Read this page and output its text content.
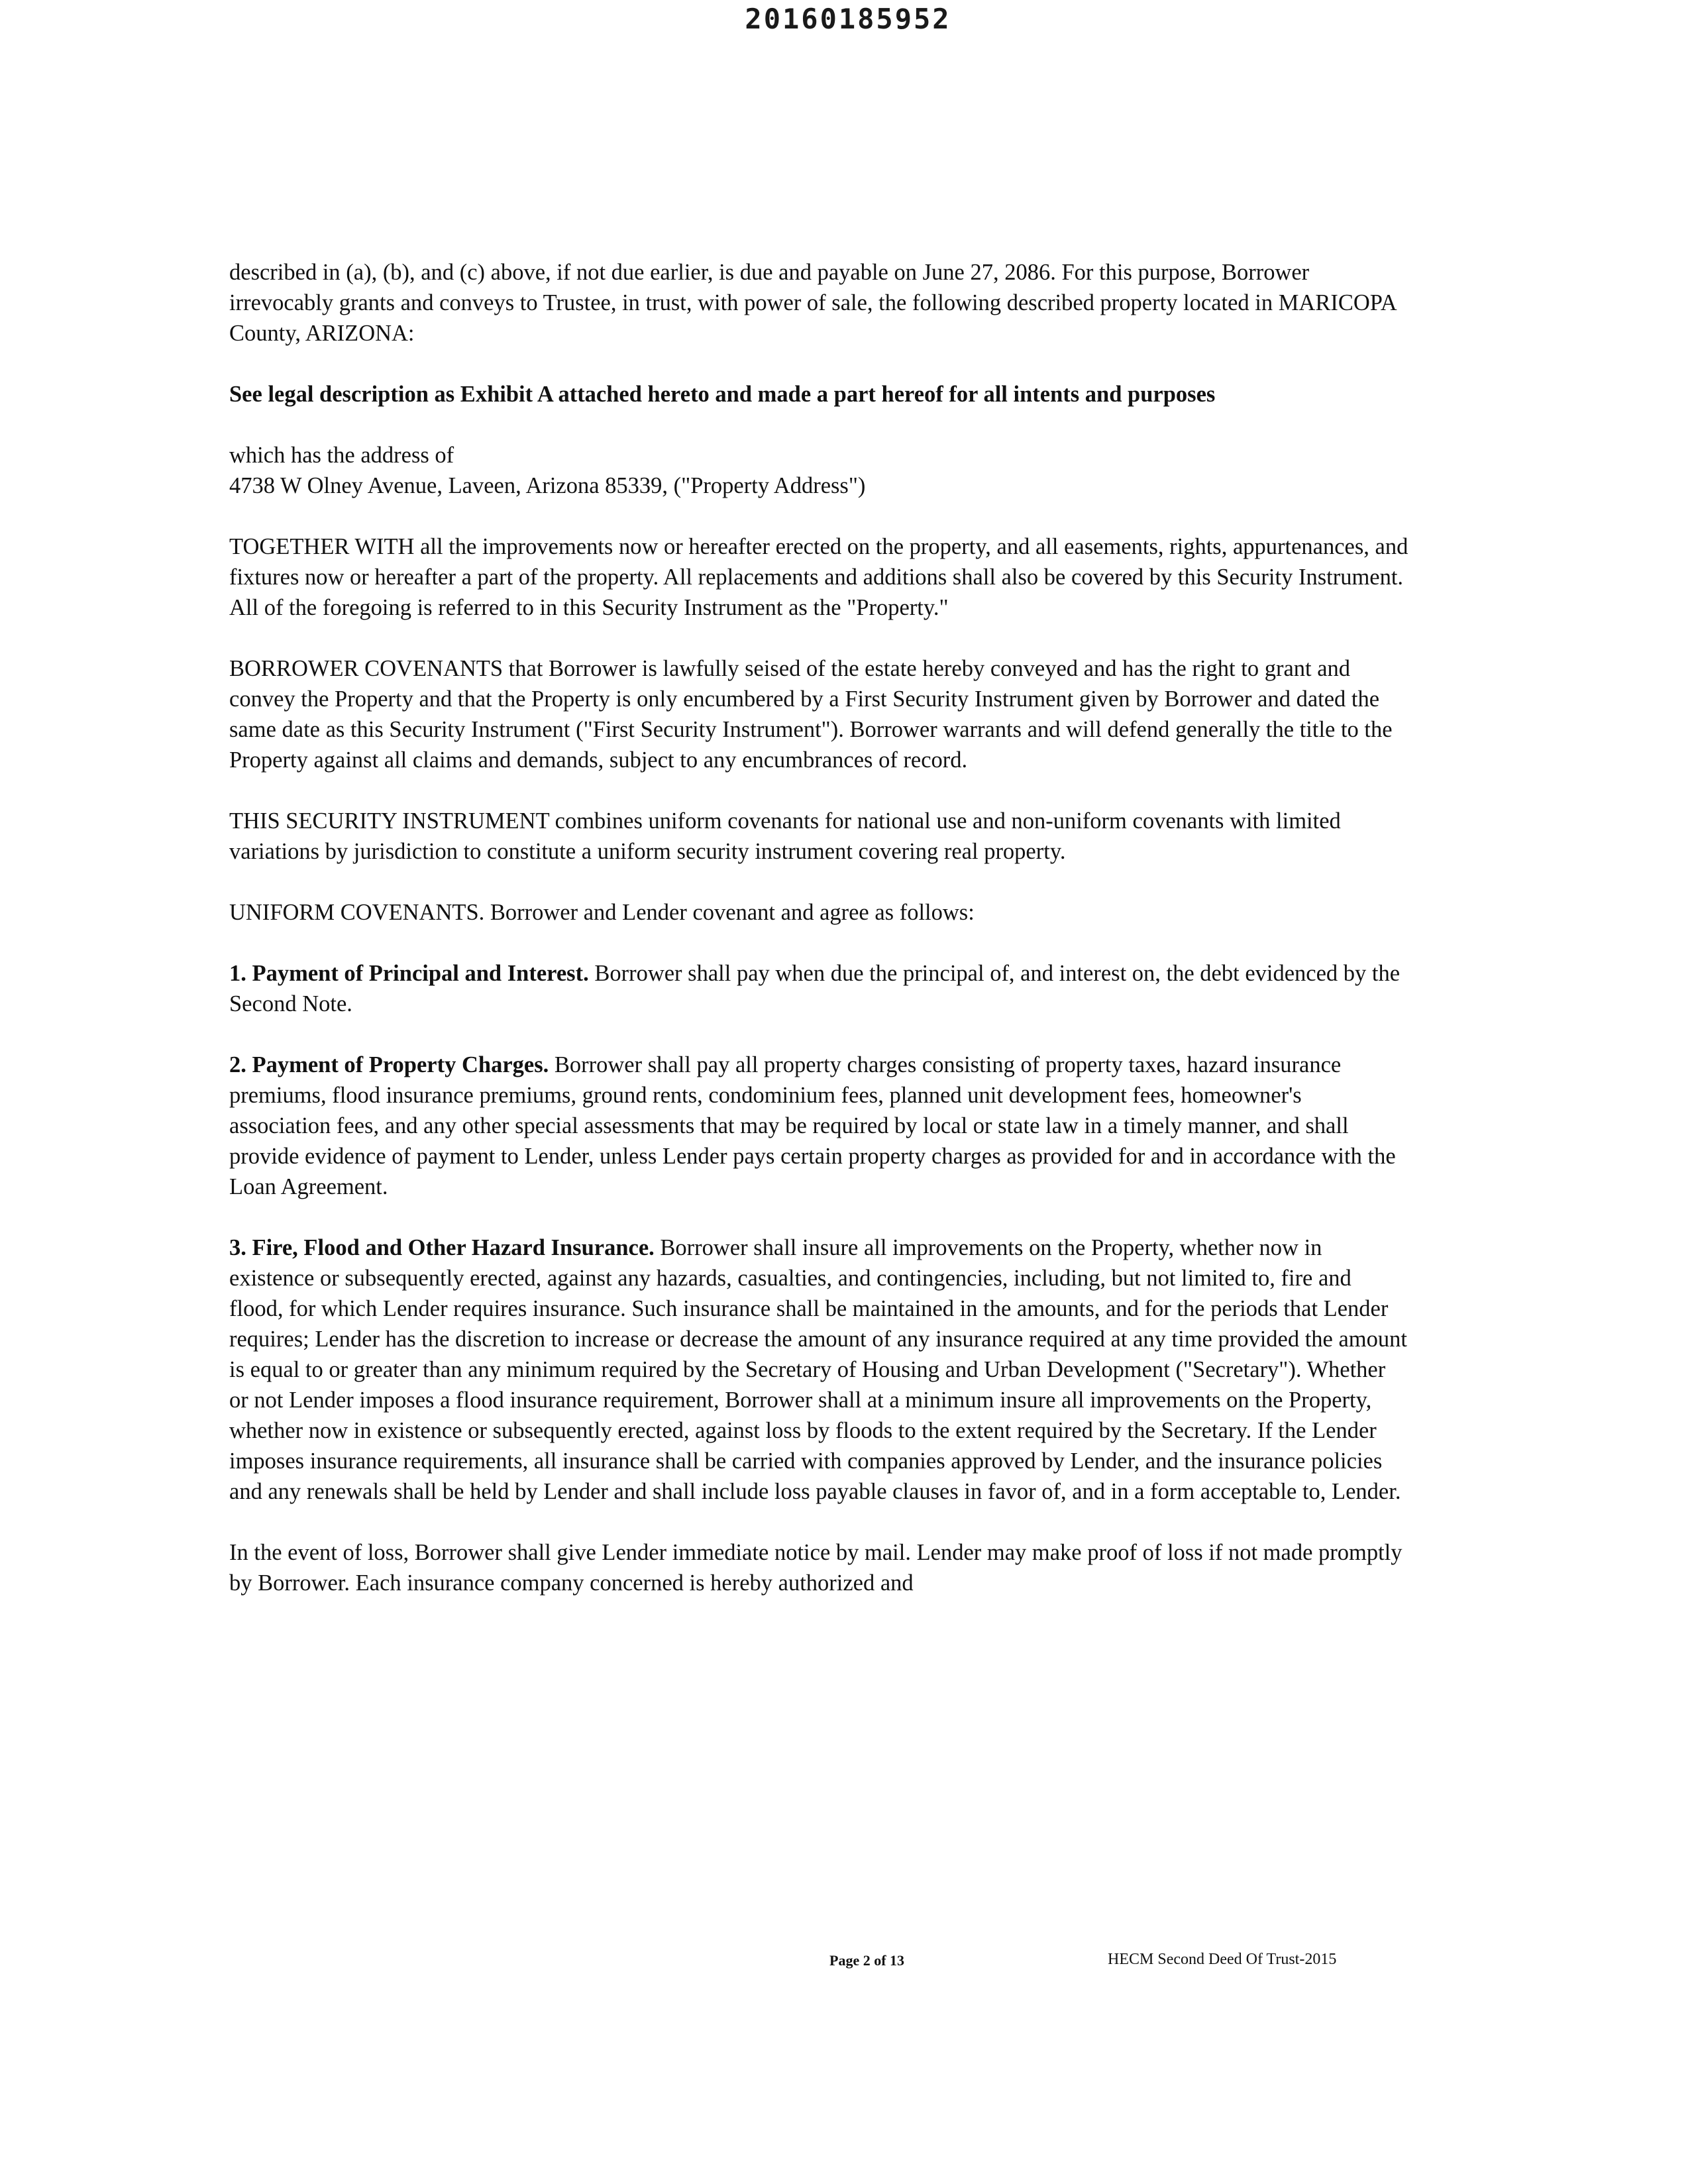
20160185952

described in (a), (b), and (c) above, if not due earlier, is due and payable on June 27, 2086. For this purpose, Borrower irrevocably grants and conveys to Trustee, in trust, with power of sale, the following described property located in MARICOPA County, ARIZONA:

See legal description as Exhibit A attached hereto and made a part hereof for all intents and purposes

which has the address of
4738 W Olney Avenue, Laveen, Arizona 85339, ("Property Address")

TOGETHER WITH all the improvements now or hereafter erected on the property, and all easements, rights, appurtenances, and fixtures now or hereafter a part of the property. All replacements and additions shall also be covered by this Security Instrument. All of the foregoing is referred to in this Security Instrument as the "Property."

BORROWER COVENANTS that Borrower is lawfully seised of the estate hereby conveyed and has the right to grant and convey the Property and that the Property is only encumbered by a First Security Instrument given by Borrower and dated the same date as this Security Instrument ("First Security Instrument"). Borrower warrants and will defend generally the title to the Property against all claims and demands, subject to any encumbrances of record.

THIS SECURITY INSTRUMENT combines uniform covenants for national use and non-uniform covenants with limited variations by jurisdiction to constitute a uniform security instrument covering real property.

UNIFORM COVENANTS. Borrower and Lender covenant and agree as follows:

1. Payment of Principal and Interest. Borrower shall pay when due the principal of, and interest on, the debt evidenced by the Second Note.

2. Payment of Property Charges. Borrower shall pay all property charges consisting of property taxes, hazard insurance premiums, flood insurance premiums, ground rents, condominium fees, planned unit development fees, homeowner's association fees, and any other special assessments that may be required by local or state law in a timely manner, and shall provide evidence of payment to Lender, unless Lender pays certain property charges as provided for and in accordance with the Loan Agreement.

3. Fire, Flood and Other Hazard Insurance. Borrower shall insure all improvements on the Property, whether now in existence or subsequently erected, against any hazards, casualties, and contingencies, including, but not limited to, fire and flood, for which Lender requires insurance. Such insurance shall be maintained in the amounts, and for the periods that Lender requires; Lender has the discretion to increase or decrease the amount of any insurance required at any time provided the amount is equal to or greater than any minimum required by the Secretary of Housing and Urban Development ("Secretary"). Whether or not Lender imposes a flood insurance requirement, Borrower shall at a minimum insure all improvements on the Property, whether now in existence or subsequently erected, against loss by floods to the extent required by the Secretary. If the Lender imposes insurance requirements, all insurance shall be carried with companies approved by Lender, and the insurance policies and any renewals shall be held by Lender and shall include loss payable clauses in favor of, and in a form acceptable to, Lender.

In the event of loss, Borrower shall give Lender immediate notice by mail. Lender may make proof of loss if not made promptly by Borrower. Each insurance company concerned is hereby authorized and

Page 2 of 13	HECM Second Deed Of Trust-2015
